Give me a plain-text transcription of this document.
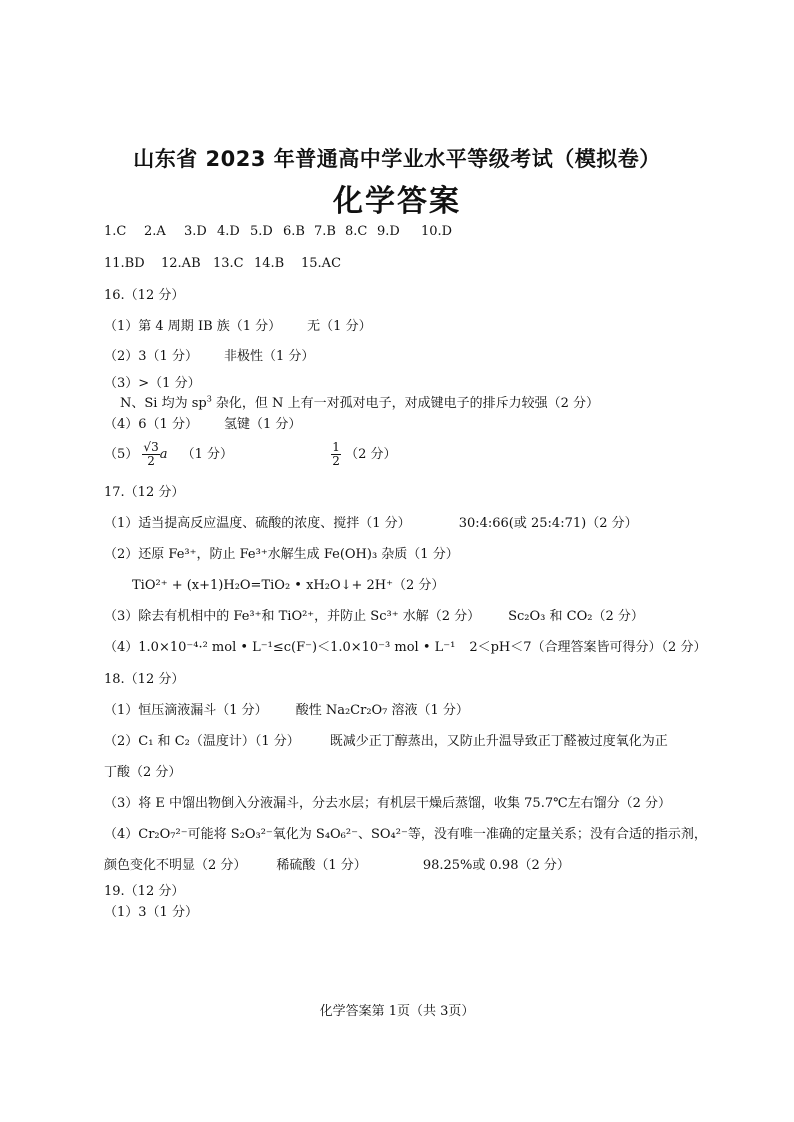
山东省 2023 年普通高中学业水平等级考试（模拟卷）
化学答案
1.C 2.A 3.D 4.D 5.D 6.B 7.B 8.C 9.D 10.D
11.BD 12.AB 13.C 14.B 15.AC
16.（12 分）
（1）第 4 周期 IB 族（1 分） 无（1 分）
（2）3（1 分） 非极性（1 分）
（3）>（1 分）
N、Si 均为 $sp^3$ 杂化，但 N 上有一对孤对电子，对成键电子的排斥力较强（2 分）
（4）6（1 分） 氢键（1 分）
$(5) \frac{√3}{2}$ a （1 分）	$\frac{1}{2} (2$ 分）
17.（12 分）
（1）适当提高反应温度、硫酸的浓度、搅拌（1 分）	30:4:66(或 25:4:71)（2 分）
（2）还原 Fe³⁺，防止 Fe³⁺水解生成 Fe(OH)₃ 杂质（1 分）
TiO²⁺ + (x+1)H₂O=TiO₂ • xH₂O↓+ 2H⁺（2 分）
（3）除去有机相中的 Fe³⁺和 TiO²⁺，并防止 Sc³⁺ 水解（2 分） Sc₂O₃ 和 CO₂（2 分）
（4）1.0×10⁻⁴·² mol • L⁻¹≤c(F⁻)＜1.0×10⁻³ mol • L⁻¹ 2＜pH＜7（合理答案皆可得分）（2 分）
18.（12 分）
（1）恒压滴液漏斗（1 分） 酸性 Na₂Cr₂O₇ 溶液（1 分）
（2）C₁ 和 C₂（温度计）（1 分） 既减少正丁醇蒸出，又防止升温导致正丁醛被过度氧化为正
丁酸（2 分）
（3）将 E 中馏出物倒入分液漏斗，分去水层；有机层干燥后蒸馏，收集 75.7℃左右馏分（2 分）
（4）Cr₂O₇²⁻可能将 S₂O₃²⁻氧化为 S₄O₆²⁻、SO₄²⁻等，没有唯一准确的定量关系；没有合适的指示剂，
颜色变化不明显（2 分） 稀硫酸（1 分）	98.25%或 0.98（2 分）
19.（12 分）
（1）3（1 分）
化学答案第 1页（共 3页）
